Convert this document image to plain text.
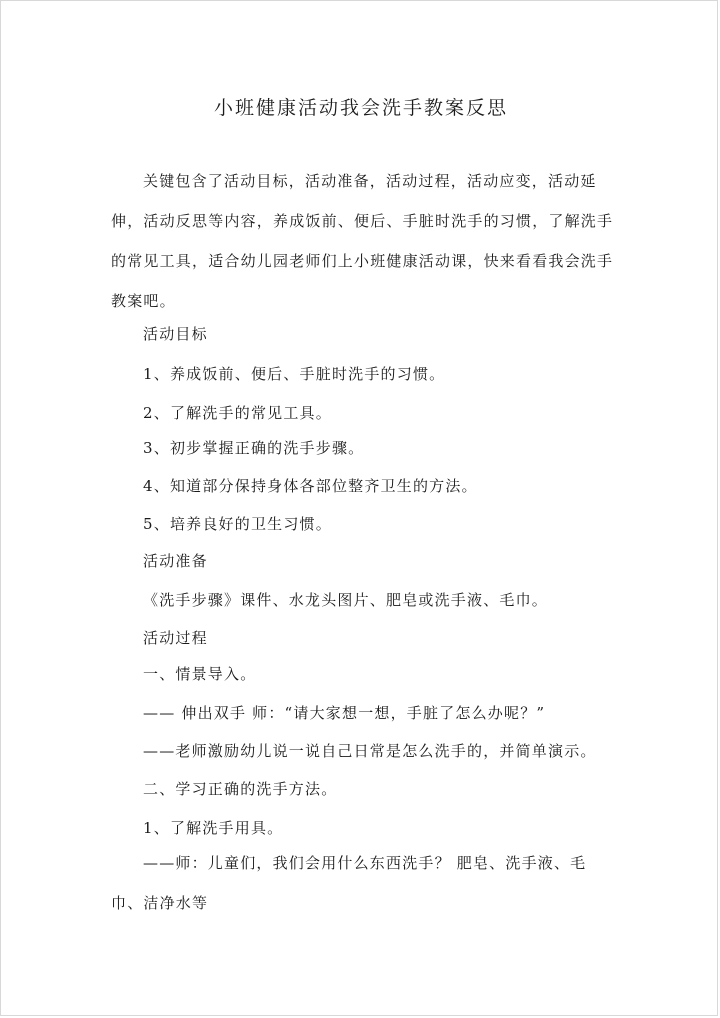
小班健康活动我会洗手教案反思

关键包含了活动目标，活动准备，活动过程，活动应变，活动延伸，活动反思等内容，养成饭前、便后、手脏时洗手的习惯，了解洗手的常见工具，适合幼儿园老师们上小班健康活动课，快来看看我会洗手教案吧。

活动目标
1、养成饭前、便后、手脏时洗手的习惯。
2、了解洗手的常见工具。
3、初步掌握正确的洗手步骤。
4、知道部分保持身体各部位整齐卫生的方法。
5、培养良好的卫生习惯。
活动准备
《洗手步骤》课件、水龙头图片、肥皂或洗手液、毛巾。
活动过程
一、情景导入。
—— 伸出双手 师：“请大家想一想，手脏了怎么办呢？”
——老师激励幼儿说一说自己日常是怎么洗手的，并简单演示。
二、学习正确的洗手方法。
1、了解洗手用具。

——师：儿童们，我们会用什么东西洗手？ 肥皂、洗手液、毛巾、洁净水等
